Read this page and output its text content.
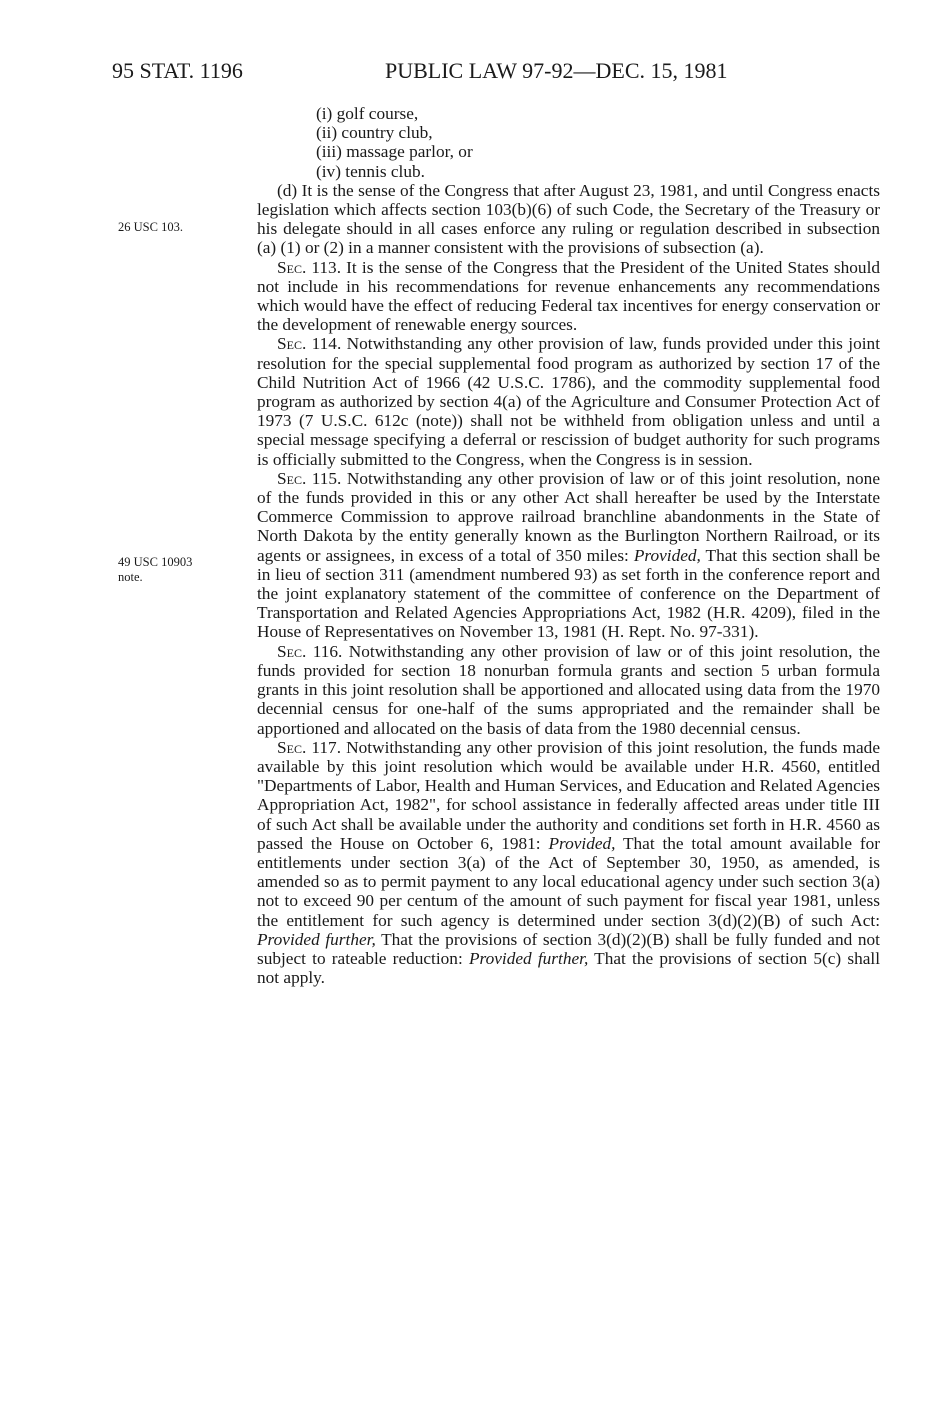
95 STAT. 1196	PUBLIC LAW 97-92—DEC. 15, 1981
26 USC 103.
49 USC 10903
note.
(i) golf course,
(ii) country club,
(iii) massage parlor, or
(iv) tennis club.

(d) It is the sense of the Congress that after August 23, 1981, and until Congress enacts legislation which affects section 103(b)(6) of such Code, the Secretary of the Treasury or his delegate should in all cases enforce any ruling or regulation described in subsection (a) (1) or (2) in a manner consistent with the provisions of subsection (a).

Sec. 113. It is the sense of the Congress that the President of the United States should not include in his recommendations for revenue enhancements any recommendations which would have the effect of reducing Federal tax incentives for energy conservation or the development of renewable energy sources.

Sec. 114. Notwithstanding any other provision of law, funds provided under this joint resolution for the special supplemental food program as authorized by section 17 of the Child Nutrition Act of 1966 (42 U.S.C. 1786), and the commodity supplemental food program as authorized by section 4(a) of the Agriculture and Consumer Protection Act of 1973 (7 U.S.C. 612c (note)) shall not be withheld from obligation unless and until a special message specifying a deferral or rescission of budget authority for such programs is officially submitted to the Congress, when the Congress is in session.

Sec. 115. Notwithstanding any other provision of law or of this joint resolution, none of the funds provided in this or any other Act shall hereafter be used by the Interstate Commerce Commission to approve railroad branchline abandonments in the State of North Dakota by the entity generally known as the Burlington Northern Railroad, or its agents or assignees, in excess of a total of 350 miles: Provided, That this section shall be in lieu of section 311 (amendment numbered 93) as set forth in the conference report and the joint explanatory statement of the committee of conference on the Department of Transportation and Related Agencies Appropriations Act, 1982 (H.R. 4209), filed in the House of Representatives on November 13, 1981 (H. Rept. No. 97-331).

Sec. 116. Notwithstanding any other provision of law or of this joint resolution, the funds provided for section 18 nonurban formula grants and section 5 urban formula grants in this joint resolution shall be apportioned and allocated using data from the 1970 decennial census for one-half of the sums appropriated and the remainder shall be apportioned and allocated on the basis of data from the 1980 decennial census.

Sec. 117. Notwithstanding any other provision of this joint resolution, the funds made available by this joint resolution which would be available under H.R. 4560, entitled "Departments of Labor, Health and Human Services, and Education and Related Agencies Appropriation Act, 1982", for school assistance in federally affected areas under title III of such Act shall be available under the authority and conditions set forth in H.R. 4560 as passed the House on October 6, 1981: Provided, That the total amount available for entitlements under section 3(a) of the Act of September 30, 1950, as amended, is amended so as to permit payment to any local educational agency under such section 3(a) not to exceed 90 per centum of the amount of such payment for fiscal year 1981, unless the entitlement for such agency is determined under section 3(d)(2)(B) of such Act: Provided further, That the provisions of section 3(d)(2)(B) shall be fully funded and not subject to rateable reduction: Provided further, That the provisions of section 5(c) shall not apply.
